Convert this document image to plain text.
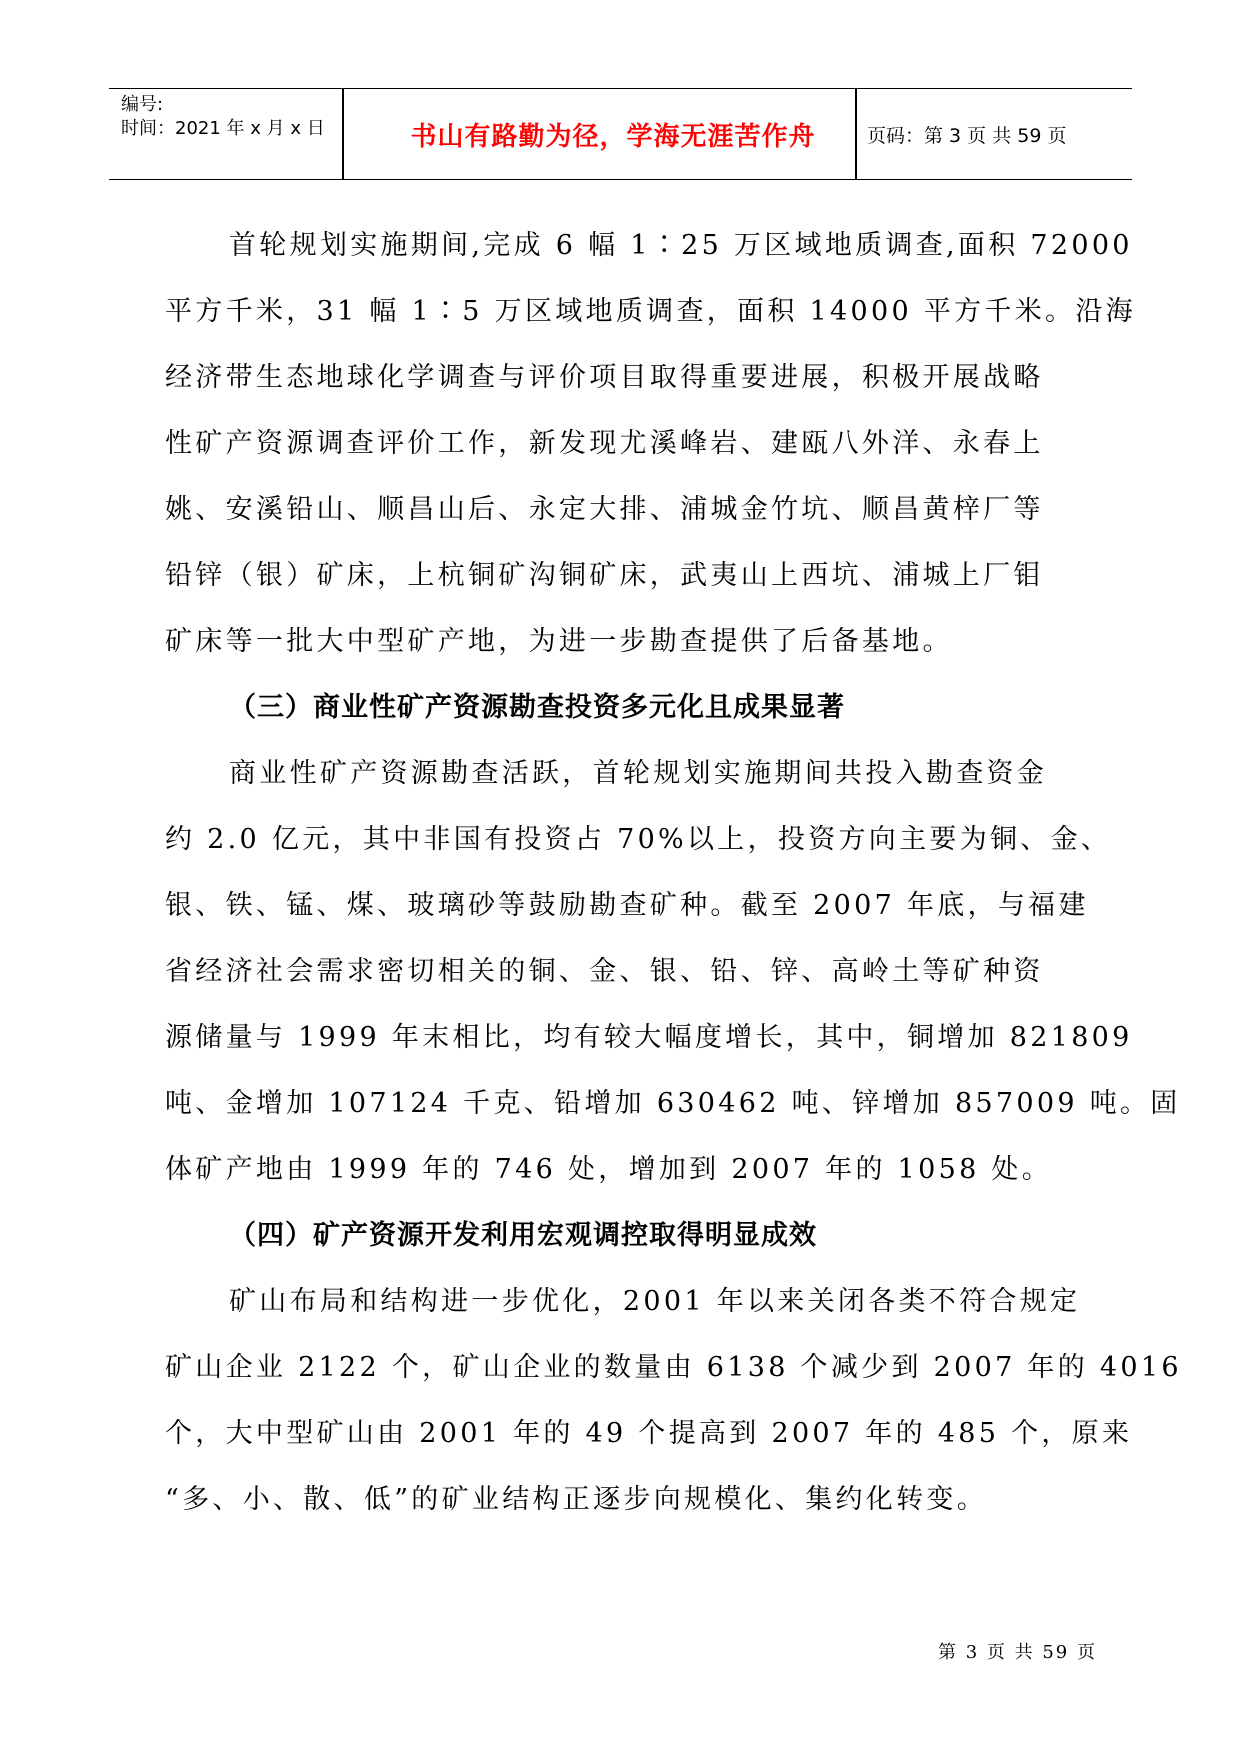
编号:
时间：2021 年 x 月 x 日	书山有路勤为径，学海无涯苦作舟	页码：第 3 页 共 59 页
首轮规划实施期间,完成 6 幅 1∶25 万区域地质调查,面积 72000
平方千米，31 幅 1∶5 万区域地质调查，面积 14000 平方千米。沿海
经济带生态地球化学调查与评价项目取得重要进展，积极开展战略
性矿产资源调查评价工作，新发现尤溪峰岩、建瓯八外洋、永春上
姚、安溪铅山、顺昌山后、永定大排、浦城金竹坑、顺昌黄梓厂等
铅锌（银）矿床，上杭铜矿沟铜矿床，武夷山上西坑、浦城上厂钼
矿床等一批大中型矿产地，为进一步勘查提供了后备基地。
（三）商业性矿产资源勘查投资多元化且成果显著
商业性矿产资源勘查活跃，首轮规划实施期间共投入勘查资金
约 2.0 亿元，其中非国有投资占 70%以上，投资方向主要为铜、金、
银、铁、锰、煤、玻璃砂等鼓励勘查矿种。截至 2007 年底，与福建
省经济社会需求密切相关的铜、金、银、铅、锌、高岭土等矿种资
源储量与 1999 年末相比，均有较大幅度增长，其中，铜增加 821809
吨、金增加 107124 千克、铅增加 630462 吨、锌增加 857009 吨。固
体矿产地由 1999 年的 746 处，增加到 2007 年的 1058 处。
（四）矿产资源开发利用宏观调控取得明显成效
矿山布局和结构进一步优化，2001 年以来关闭各类不符合规定
矿山企业 2122 个，矿山企业的数量由 6138 个减少到 2007 年的 4016
个，大中型矿山由 2001 年的 49 个提高到 2007 年的 485 个，原来
“多、小、散、低”的矿业结构正逐步向规模化、集约化转变。
第 3 页 共 59 页
